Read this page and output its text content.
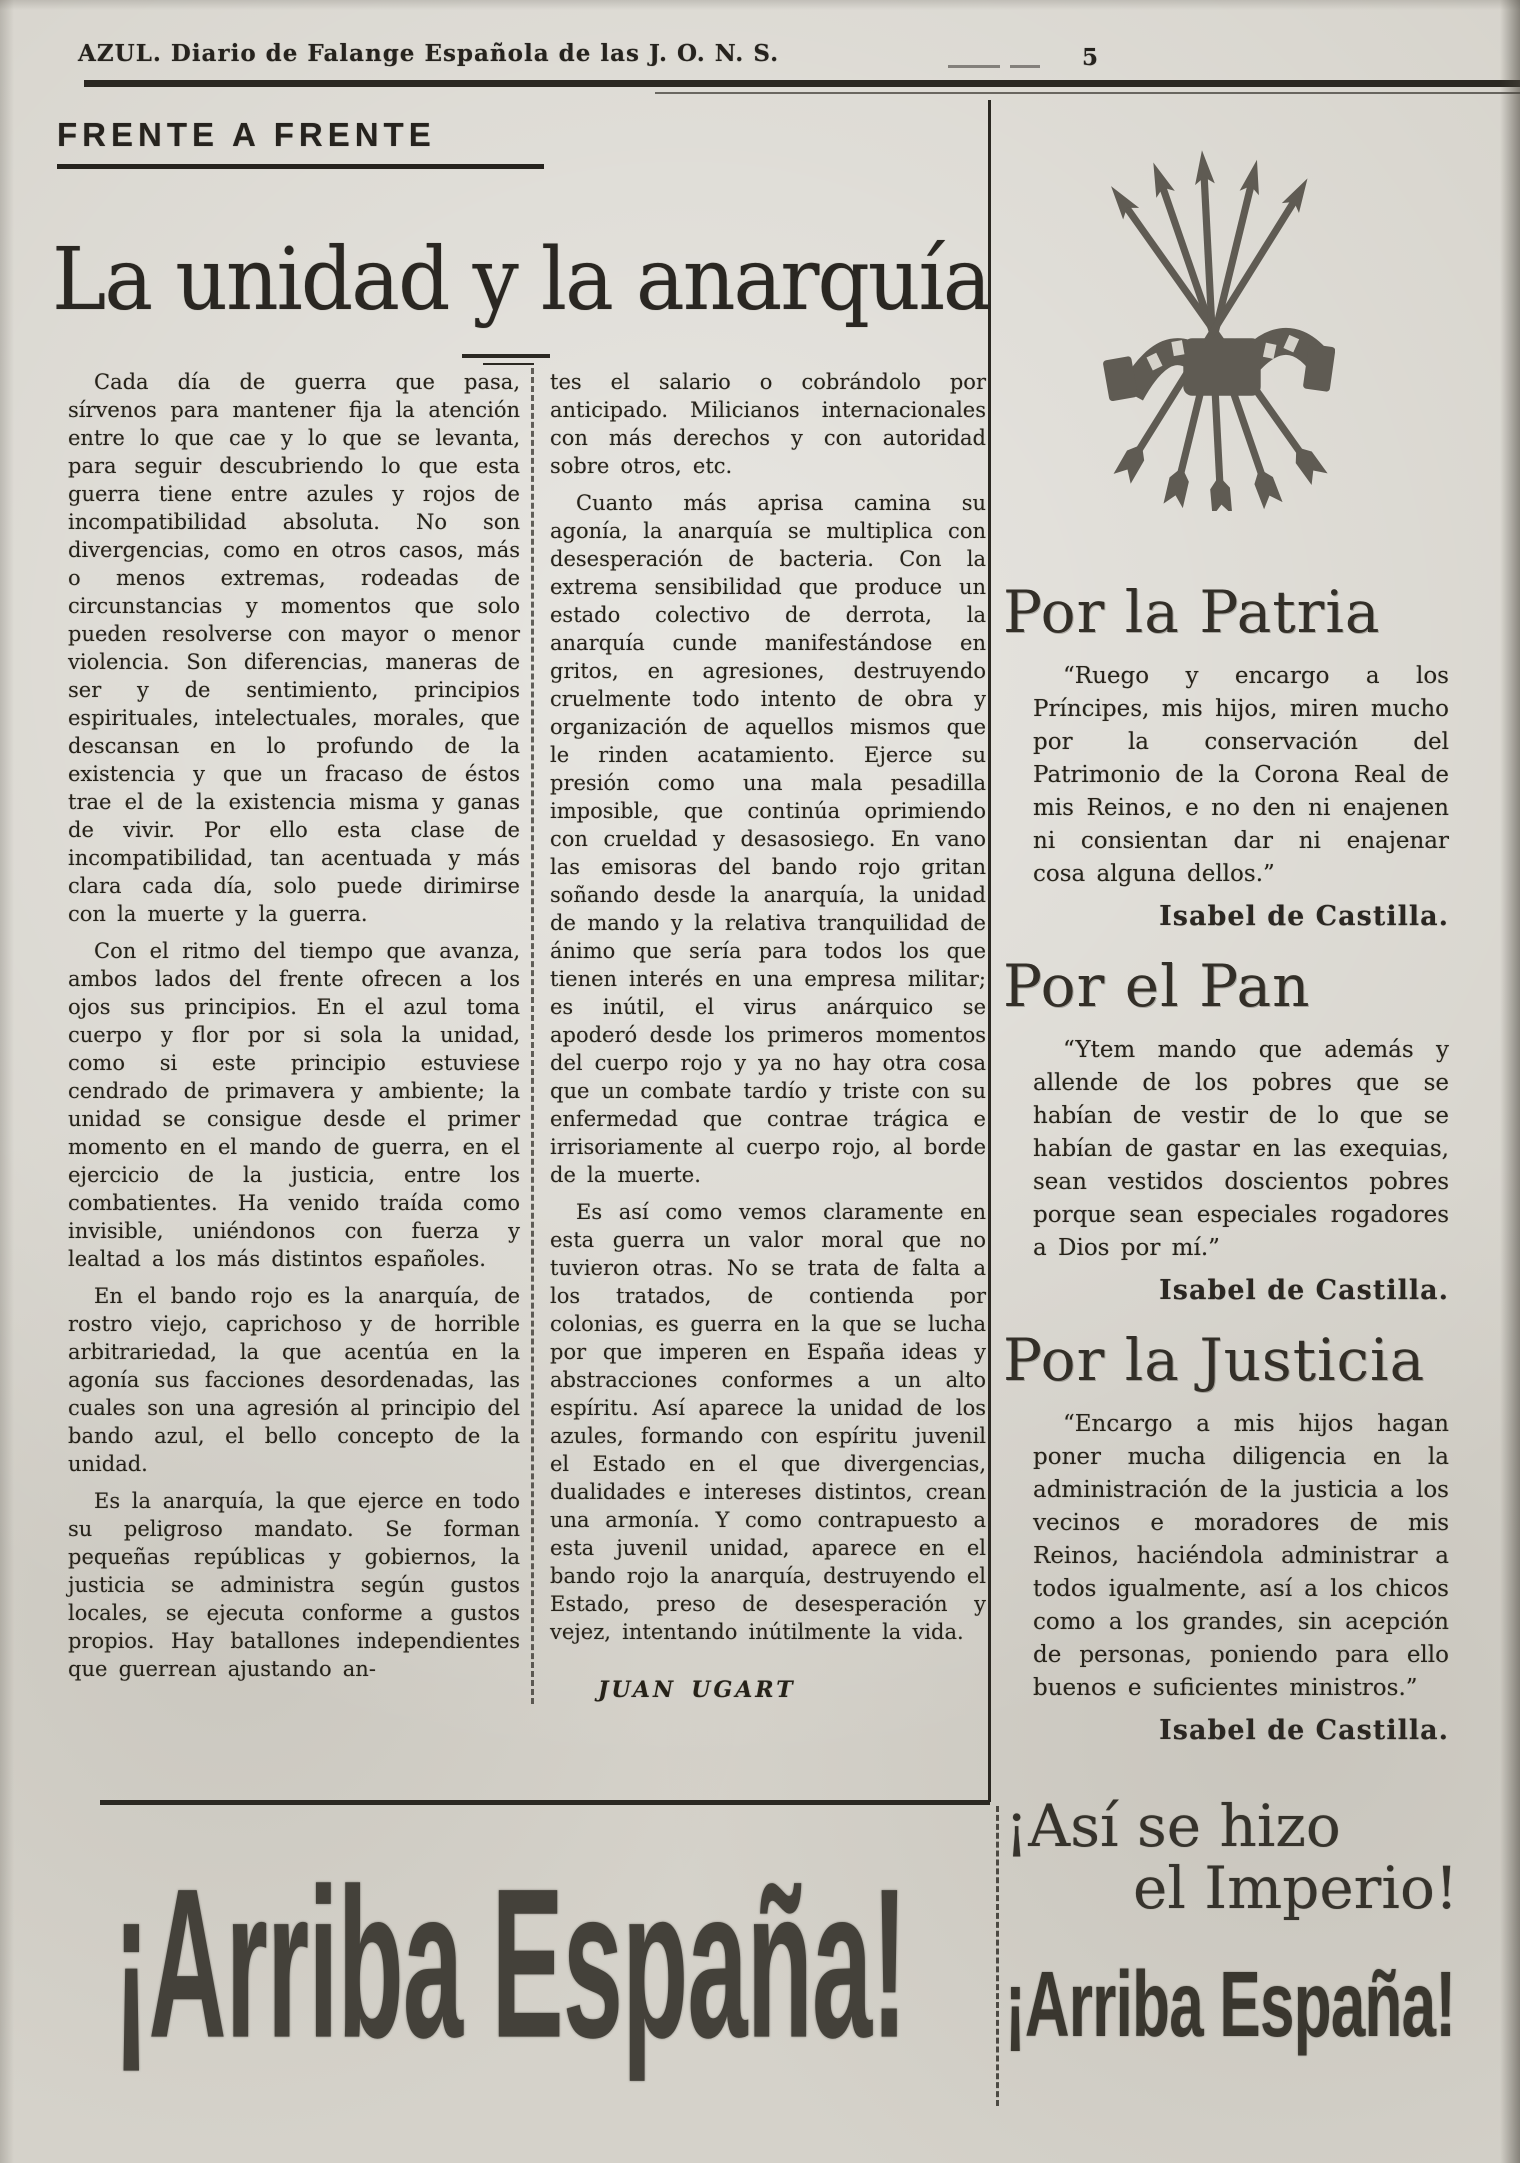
AZUL. Diario de Falange Española de las J. O. N. S.	5
FRENTE A FRENTE
La unidad y la anarquía

Cada día de guerra que pasa, sírvenos para mantener fija la atención entre lo que cae y lo que se levanta, para seguir descubriendo lo que esta guerra tiene entre azules y rojos de incompatibilidad absoluta. No son divergencias, como en otros casos, más o menos extremas, rodeadas de circunstancias y momentos que solo pueden resolverse con mayor o menor violencia. Son diferencias, maneras de ser y de sentimiento, principios espirituales, intelectuales, morales, que descansan en lo profundo de la existencia y que un fracaso de éstos trae el de la existencia misma y ganas de vivir. Por ello esta clase de incompatibilidad, tan acentuada y más clara cada día, solo puede dirimirse con la muerte y la guerra.

Con el ritmo del tiempo que avanza, ambos lados del frente ofrecen a los ojos sus principios. En el azul toma cuerpo y flor por si sola la unidad, como si este principio estuviese cendrado de primavera y ambiente; la unidad se consigue desde el primer momento en el mando de guerra, en el ejercicio de la justicia, entre los combatientes. Ha venido traída como invisible, uniéndonos con fuerza y lealtad a los más distintos españoles.

En el bando rojo es la anarquía, de rostro viejo, caprichoso y de horrible arbitrariedad, la que acentúa en la agonía sus facciones desordenadas, las cuales son una agresión al principio del bando azul, el bello concepto de la unidad.

Es la anarquía, la que ejerce en todo su peligroso mandato. Se forman pequeñas repúblicas y gobiernos, la justicia se administra según gustos locales, se ejecuta conforme a gustos propios. Hay batallones independientes que guerrean ajustando an-

tes el salario o cobrándolo por anticipado. Milicianos internacionales con más derechos y con autoridad sobre otros, etc.

Cuanto más aprisa camina su agonía, la anarquía se multiplica con desesperación de bacteria. Con la extrema sensibilidad que produce un estado colectivo de derrota, la anarquía cunde manifestándose en gritos, en agresiones, destruyendo cruelmente todo intento de obra y organización de aquellos mismos que le rinden acatamiento. Ejerce su presión como una mala pesadilla imposible, que continúa oprimiendo con crueldad y desasosiego. En vano las emisoras del bando rojo gritan soñando desde la anarquía, la unidad de mando y la relativa tranquilidad de ánimo que sería para todos los que tienen interés en una empresa militar; es inútil, el virus anárquico se apoderó desde los primeros momentos del cuerpo rojo y ya no hay otra cosa que un combate tardío y triste con su enfermedad que contrae trágica e irrisoriamente al cuerpo rojo, al borde de la muerte.

Es así como vemos claramente en esta guerra un valor moral que no tuvieron otras. No se trata de falta a los tratados, de contienda por colonias, es guerra en la que se lucha por que imperen en España ideas y abstracciones conformes a un alto espíritu. Así aparece la unidad de los azules, formando con espíritu juvenil el Estado en el que divergencias, dualidades e intereses distintos, crean una armonía. Y como contrapuesto a esta juvenil unidad, aparece en el bando rojo la anarquía, destruyendo el Estado, preso de desesperación y vejez, intentando inútilmente la vida.

JUAN UGART
Por la Patria
“Ruego y encargo a los Príncipes, mis hijos, miren mucho por la conservación del Patrimonio de la Corona Real de mis Reinos, e no den ni enajenen ni consientan dar ni enajenar cosa alguna dellos.”
Isabel de Castilla.
Por el Pan
“Ytem mando que además y allende de los pobres que se habían de vestir de lo que se habían de gastar en las exequias, sean vestidos doscientos pobres porque sean especiales rogadores a Dios por mí.”
Isabel de Castilla.
Por la Justicia
“Encargo a mis hijos hagan poner mucha diligencia en la administración de la justicia a los vecinos e moradores de mis Reinos, haciéndola administrar a todos igualmente, así a los chicos como a los grandes, sin acepción de personas, poniendo para ello buenos e suficientes ministros.”
Isabel de Castilla.
¡Así se hizo
el Imperio!
¡Arriba España!
¡Arriba España!
